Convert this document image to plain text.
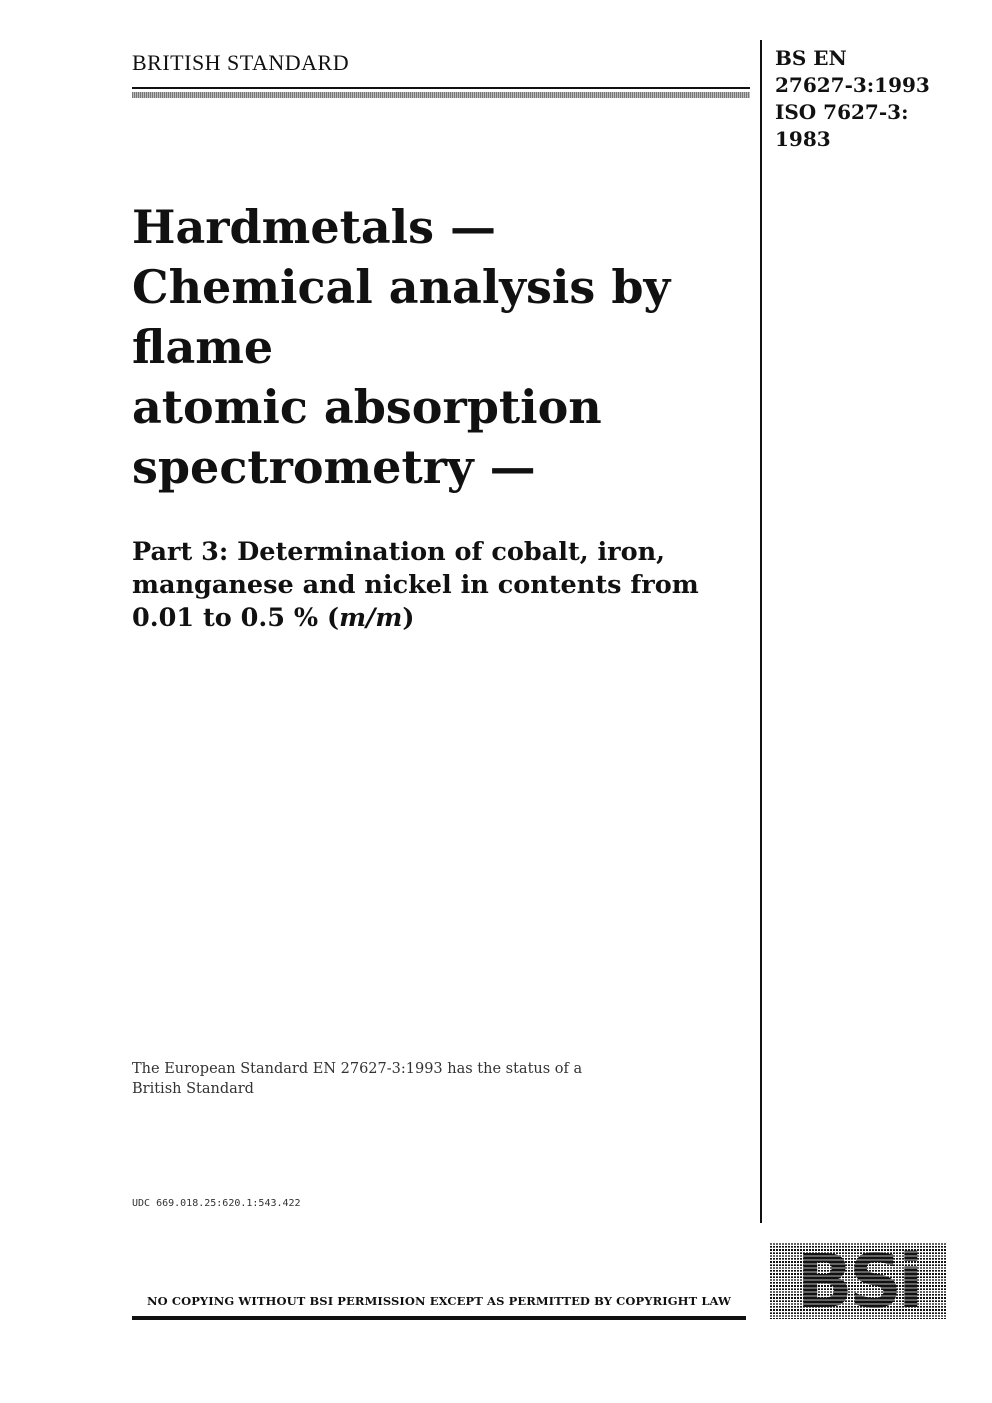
BRITISH STANDARD	BS EN
27627-3:1993
ISO 7627-3:
1983
Hardmetals —
Chemical analysis by
flame
atomic absorption
spectrometry —
Part 3: Determination of cobalt, iron,
manganese and nickel in contents from
0.01 to 0.5 % (m/m)
The European Standard EN 27627-3:1993 has the status of a
British Standard
UDC 669.018.25:620.1:543.422
BSi
NO COPYING WITHOUT BSI PERMISSION EXCEPT AS PERMITTED BY COPYRIGHT LAW
